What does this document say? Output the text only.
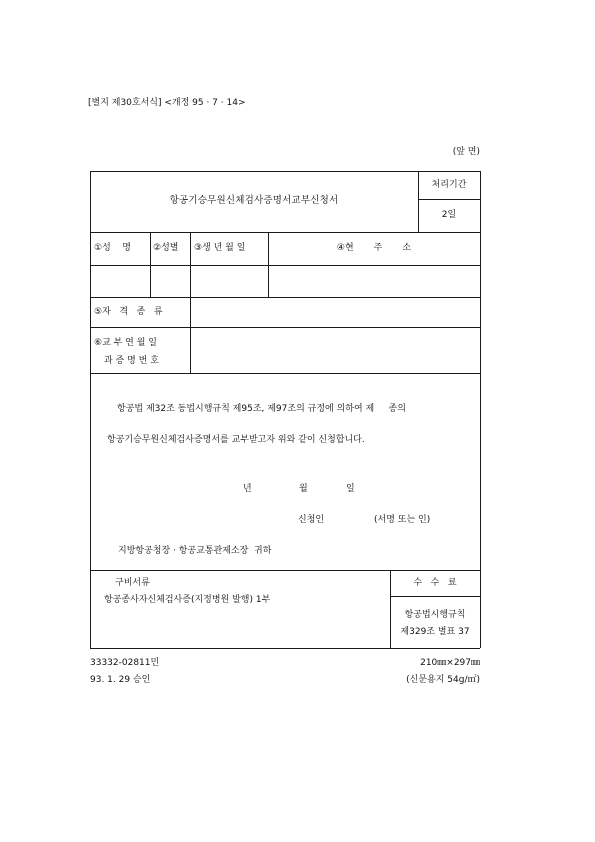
[별지 제30호서식] <개정 95 · 7 · 14>
(앞 면)
항공기승무원신체검사증명서교부신청서
처리기간
2일
①성    명 ②성별 ③생 년 월 일	④현       주       소
⑤자   격   종   류
⑥교 부 연 월 일
과 증 명 번 호
항공법 제32조 동법시행규칙 제95조, 제97조의 규정에 의하여 제     종의
항공기승무원신체검사증명서를 교부받고자 위와 같이 신청합니다.
년	월	일
신청인	(서명 또는 인)
지방항공청장 · 항공교통관제소장  귀하
구비서류
항공종사자신체검사증(지정병원 발행) 1부
수   수   료
항공법시행규칙
제329조 별표 37
33332-02811민	210㎜×297㎜
93. 1. 29 승인	(신문용지 54g/㎡)
